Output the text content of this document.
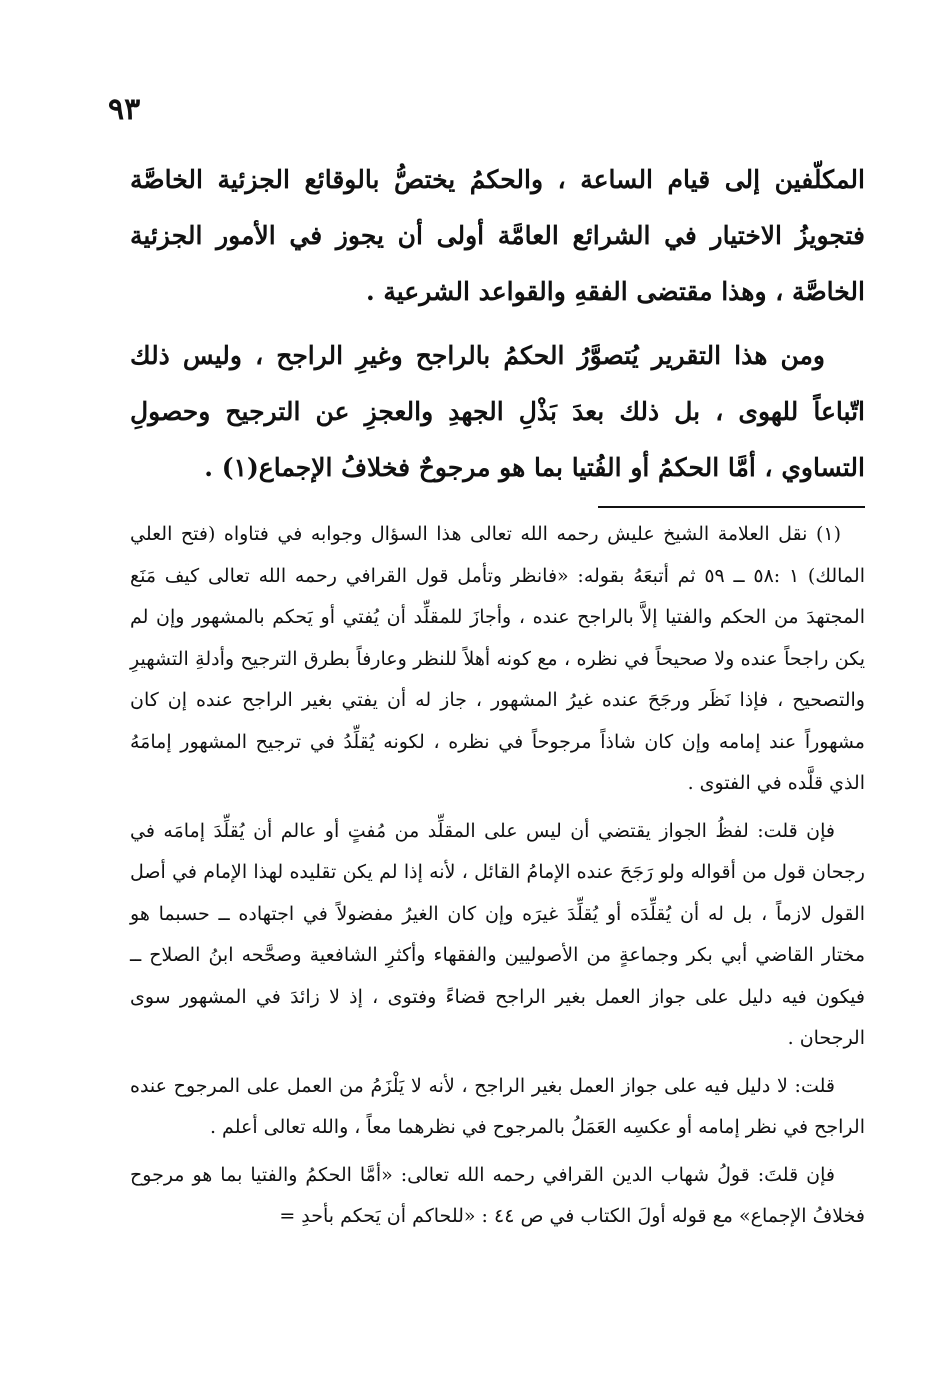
٩٣

المكلّفين إلى قيام الساعة ، والحكمُ يختصُّ بالوقائع الجزئية الخاصَّة فتجويزُ الاختيار في الشرائع العامَّة أولى أن يجوز في الأمور الجزئية الخاصَّة ، وهذا مقتضى الفقهِ والقواعد الشرعية .

ومن هذا التقرير يُتصوَّرُ الحكمُ بالراجح وغيرِ الراجح ، وليس ذلك اتّباعاً للهوى ، بل ذلك بعدَ بَذْلِ الجهدِ والعجزِ عن الترجيح وحصولِ التساوي ، أمَّا الحكمُ أو الفُتيا بما هو مرجوحٌ فخلافُ الإجماع(١) .

(١) نقل العلامة الشيخ عليش رحمه الله تعالى هذا السؤال وجوابه في فتاواه (فتح العلي المالك) ١ :٥٨ ــ ٥٩ ثم أتبعَهُ بقوله: «فانظر وتأمل قول القرافي رحمه الله تعالى كيف مَنَع المجتهدَ من الحكم والفتيا إلاَّ بالراجح عنده ، وأجازَ للمقلِّد أن يُفتي أو يَحكم بالمشهور وإن لم يكن راجحاً عنده ولا صحيحاً في نظره ، مع كونه أهلاً للنظر وعارفاً بطرق الترجيح وأدلةِ التشهيرِ والتصحيح ، فإذا نَظَر ورجَحَ عنده غيرُ المشهور ، جاز له أن يفتي بغير الراجح عنده إن كان مشهوراً عند إمامه وإن كان شاذاً مرجوحاً في نظره ، لكونه يُقلِّدُ في ترجيح المشهور إمامَهُ الذي قلَّده في الفتوى .

فإن قلت: لفظُ الجواز يقتضي أن ليس على المقلِّد من مُفتٍ أو عالم أن يُقلِّدَ إمامَه في رجحان قول من أقواله ولو رَجَحَ عنده الإمامُ القائل ، لأنه إذا لم يكن تقليده لهذا الإمام في أصل القول لازماً ، بل له أن يُقلِّدَه أو يُقلِّدَ غيرَه وإن كان الغيرُ مفضولاً في اجتهاده ــ حسبما هو مختار القاضي أبي بكر وجماعةٍ من الأصوليين والفقهاء وأكثرِ الشافعية وصحَّحه ابنُ الصلاح ــ فيكون فيه دليل على جواز العمل بغير الراجح قضاءً وفتوى ، إذ لا زائدَ في المشهور سوى الرجحان .

قلت: لا دليل فيه على جواز العمل بغير الراجح ، لأنه لا يَلْزَمُ من العمل على المرجوح عنده الراجح في نظر إمامه أو عكسِه العَمَلُ بالمرجوح في نظرهما معاً ، والله تعالى أعلم .

فإن قلتَ: قولُ شهاب الدين القرافي رحمه الله تعالى: «أمَّا الحكمُ والفتيا بما هو مرجوح فخلافُ الإجماع» مع قوله أولَ الكتاب في ص ٤٤ : «للحاكم أن يَحكم بأحدِ=
